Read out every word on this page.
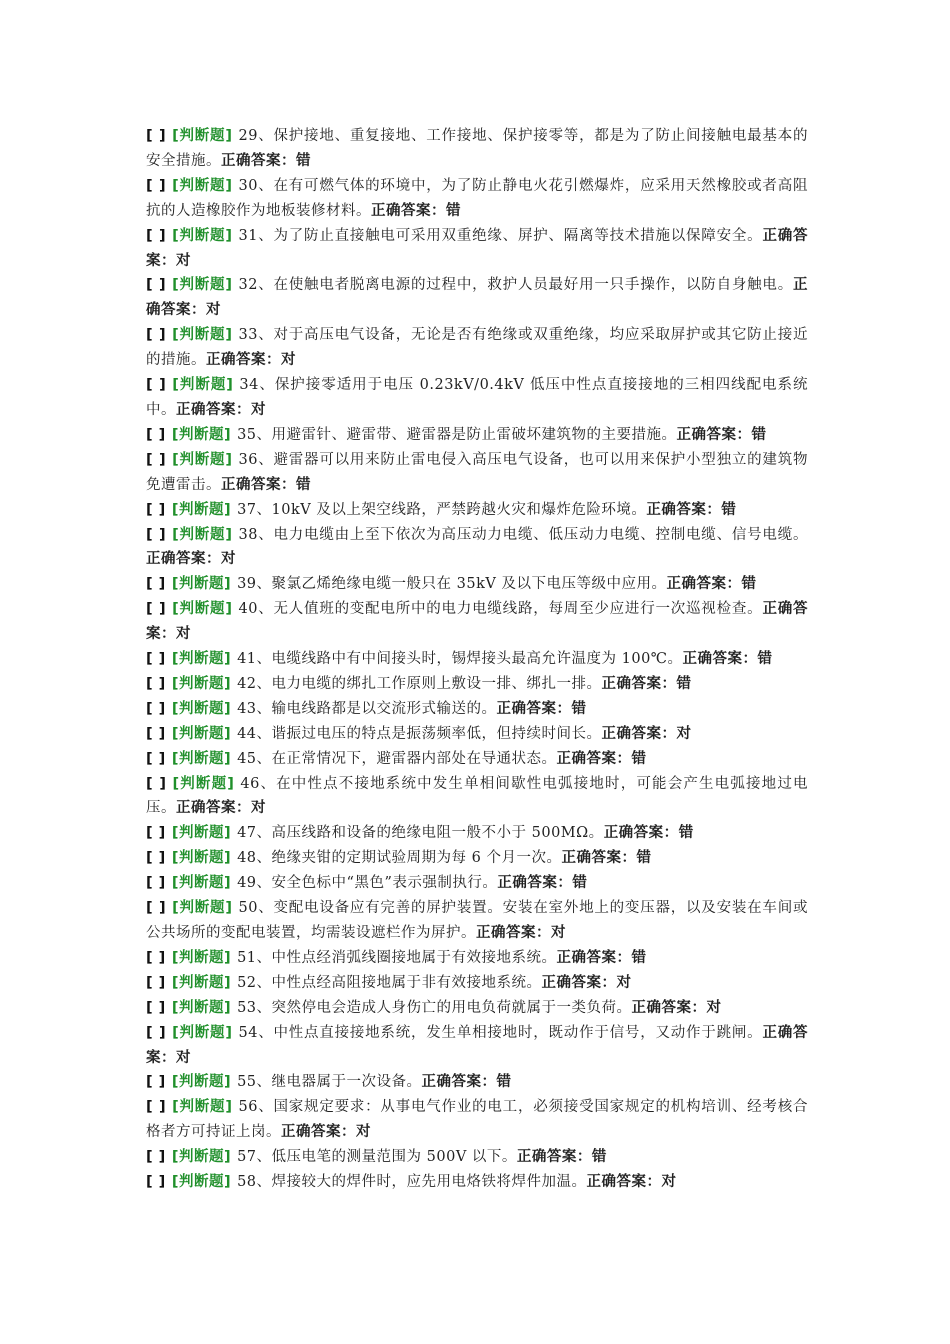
[ ] [判断题] 29、保护接地、重复接地、工作接地、保护接零等，都是为了防止间接触电最基本的安全措施。正确答案：错
[ ] [判断题] 30、在有可燃气体的环境中，为了防止静电火花引燃爆炸，应采用天然橡胶或者高阻抗的人造橡胶作为地板装修材料。正确答案：错
[ ] [判断题] 31、为了防止直接触电可采用双重绝缘、屏护、隔离等技术措施以保障安全。正确答案：对
[ ] [判断题] 32、在使触电者脱离电源的过程中，救护人员最好用一只手操作，以防自身触电。正确答案：对
[ ] [判断题] 33、对于高压电气设备，无论是否有绝缘或双重绝缘，均应采取屏护或其它防止接近的措施。正确答案：对
[ ] [判断题] 34、保护接零适用于电压 0.23kV/0.4kV 低压中性点直接接地的三相四线配电系统中。正确答案：对
[ ] [判断题] 35、用避雷针、避雷带、避雷器是防止雷破坏建筑物的主要措施。正确答案：错
[ ] [判断题] 36、避雷器可以用来防止雷电侵入高压电气设备，也可以用来保护小型独立的建筑物免遭雷击。正确答案：错
[ ] [判断题] 37、10kV 及以上架空线路，严禁跨越火灾和爆炸危险环境。正确答案：错
[ ] [判断题] 38、电力电缆由上至下依次为高压动力电缆、低压动力电缆、控制电缆、信号电缆。正确答案：对
[ ] [判断题] 39、聚氯乙烯绝缘电缆一般只在 35kV 及以下电压等级中应用。正确答案：错
[ ] [判断题] 40、无人值班的变配电所中的电力电缆线路，每周至少应进行一次巡视检查。正确答案：对
[ ] [判断题] 41、电缆线路中有中间接头时，锡焊接头最高允许温度为 100℃。正确答案：错
[ ] [判断题] 42、电力电缆的绑扎工作原则上敷设一排、绑扎一排。正确答案：错
[ ] [判断题] 43、输电线路都是以交流形式输送的。正确答案：错
[ ] [判断题] 44、谐振过电压的特点是振荡频率低，但持续时间长。正确答案：对
[ ] [判断题] 45、在正常情况下，避雷器内部处在导通状态。正确答案：错
[ ] [判断题] 46、在中性点不接地系统中发生单相间歇性电弧接地时，可能会产生电弧接地过电压。正确答案：对
[ ] [判断题] 47、高压线路和设备的绝缘电阻一般不小于 500MΩ。正确答案：错
[ ] [判断题] 48、绝缘夹钳的定期试验周期为每 6 个月一次。正确答案：错
[ ] [判断题] 49、安全色标中“黑色”表示强制执行。正确答案：错
[ ] [判断题] 50、变配电设备应有完善的屏护装置。安装在室外地上的变压器，以及安装在车间或公共场所的变配电装置，均需装设遮栏作为屏护。正确答案：对
[ ] [判断题] 51、中性点经消弧线圈接地属于有效接地系统。正确答案：错
[ ] [判断题] 52、中性点经高阻接地属于非有效接地系统。正确答案：对
[ ] [判断题] 53、突然停电会造成人身伤亡的用电负荷就属于一类负荷。正确答案：对
[ ] [判断题] 54、中性点直接接地系统，发生单相接地时，既动作于信号，又动作于跳闸。正确答案：对
[ ] [判断题] 55、继电器属于一次设备。正确答案：错
[ ] [判断题] 56、国家规定要求：从事电气作业的电工，必须接受国家规定的机构培训、经考核合格者方可持证上岗。正确答案：对
[ ] [判断题] 57、低压电笔的测量范围为 500V 以下。正确答案：错
[ ] [判断题] 58、焊接较大的焊件时，应先用电烙铁将焊件加温。正确答案：对
